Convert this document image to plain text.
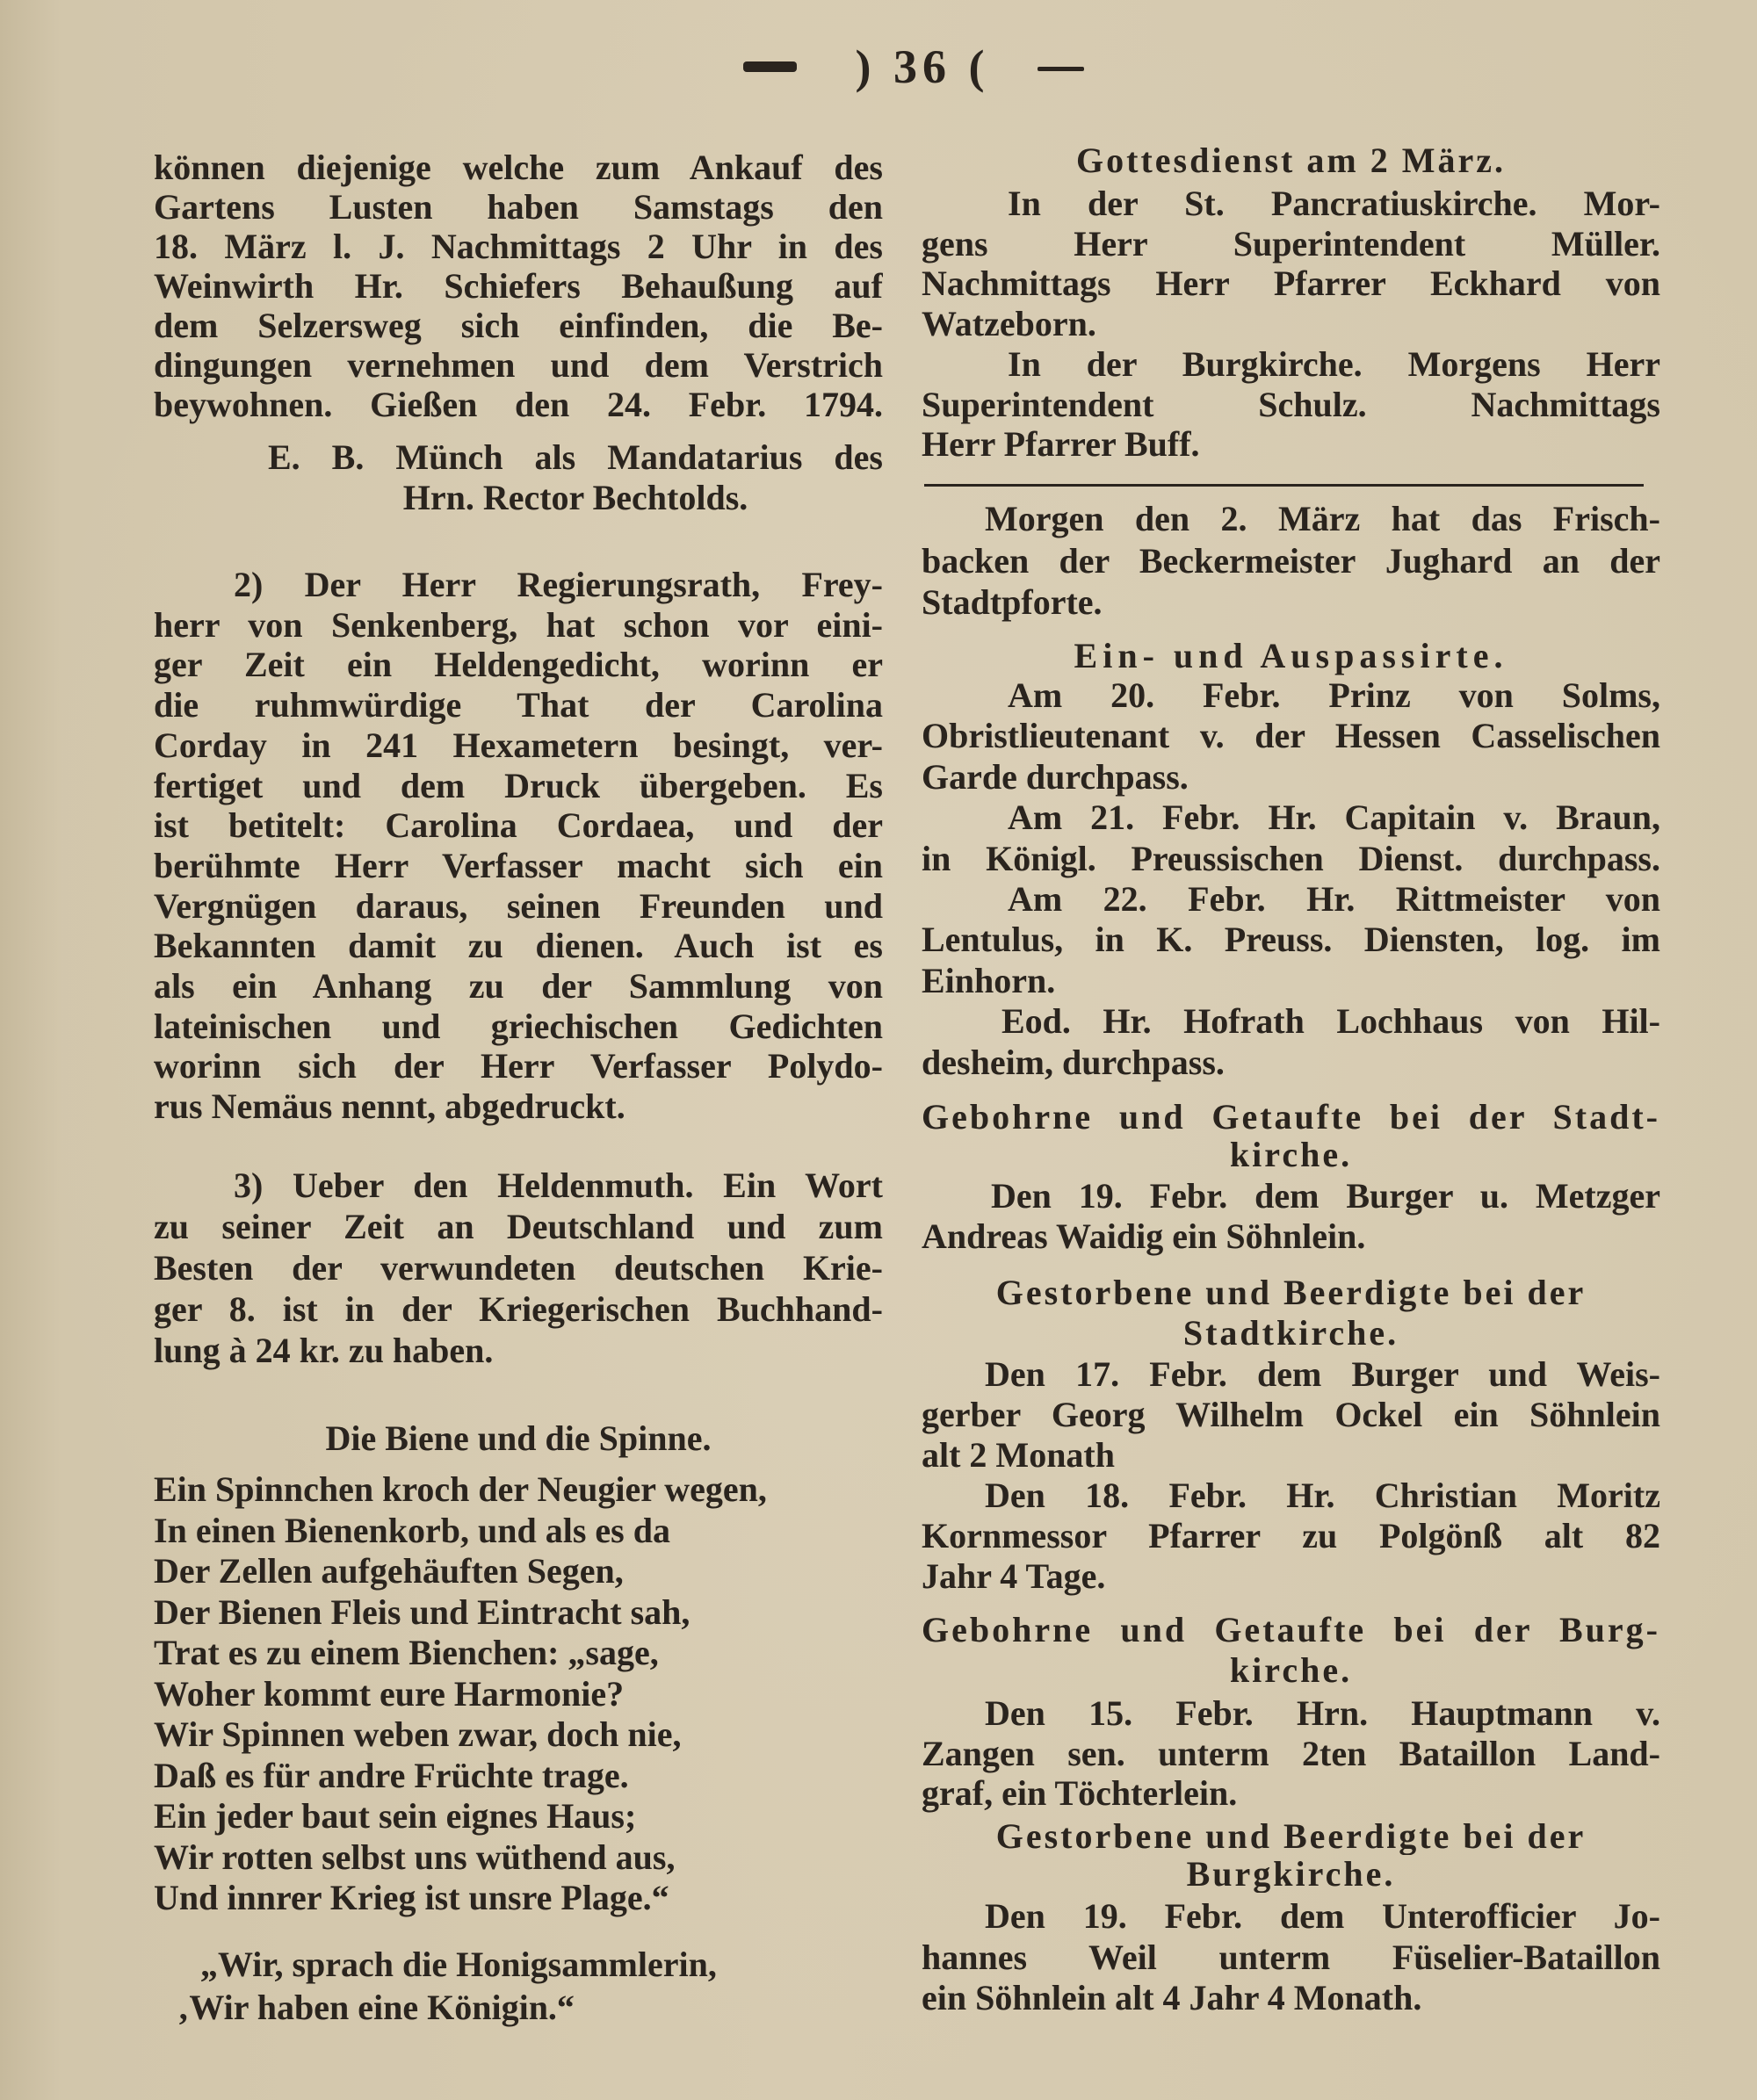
) 36 (
können diejenige welche zum Ankauf des
Gartens Lusten haben Samstags den
18. März l. J. Nachmittags 2 Uhr in des
Weinwirth Hr. Schiefers Behaußung auf
dem Selzersweg sich einfinden, die Be-
dingungen vernehmen und dem Verstrich
beywohnen. Gießen den 24. Febr. 1794.
E. B. Münch als Mandatarius des
Hrn. Rector Bechtolds.
2) Der Herr Regierungsrath, Frey-
herr von Senkenberg, hat schon vor eini-
ger Zeit ein Heldengedicht, worinn er
die ruhmwürdige That der Carolina
Corday in 241 Hexametern besingt, ver-
fertiget und dem Druck übergeben. Es
ist betitelt: Carolina Cordaea, und der
berühmte Herr Verfasser macht sich ein
Vergnügen daraus, seinen Freunden und
Bekannten damit zu dienen. Auch ist es
als ein Anhang zu der Sammlung von
lateinischen und griechischen Gedichten
worinn sich der Herr Verfasser Polydo-
rus Nemäus nennt, abgedruckt.
3) Ueber den Heldenmuth. Ein Wort
zu seiner Zeit an Deutschland und zum
Besten der verwundeten deutschen Krie-
ger 8. ist in der Kriegerischen Buchhand-
lung à 24 kr. zu haben.
Die Biene und die Spinne.
Ein Spinnchen kroch der Neugier wegen,
In einen Bienenkorb, und als es da
Der Zellen aufgehäuften Segen,
Der Bienen Fleis und Eintracht sah,
Trat es zu einem Bienchen: „sage,
Woher kommt eure Harmonie?
Wir Spinnen weben zwar, doch nie,
Daß es für andre Früchte trage.
Ein jeder baut sein eignes Haus;
Wir rotten selbst uns wüthend aus,
Und innrer Krieg ist unsre Plage.“
„Wir, sprach die Honigsammlerin,
‚Wir haben eine Königin.“
Gottesdienst am 2 März.
In der St. Pancratiuskirche. Mor-
gens Herr Superintendent Müller.
Nachmittags Herr Pfarrer Eckhard von
Watzeborn.
In der Burgkirche. Morgens Herr
Superintendent Schulz. Nachmittags
Herr Pfarrer Buff.
Morgen den 2. März hat das Frisch-
backen der Beckermeister Jughard an der
Stadtpforte.
Ein- und Auspassirte.
Am 20. Febr. Prinz von Solms,
Obristlieutenant v. der Hessen Casselischen
Garde durchpass.
Am 21. Febr. Hr. Capitain v. Braun,
in Königl. Preussischen Dienst. durchpass.
Am 22. Febr. Hr. Rittmeister von
Lentulus, in K. Preuss. Diensten, log. im
Einhorn.
Eod. Hr. Hofrath Lochhaus von Hil-
desheim, durchpass.
Gebohrne und Getaufte bei der Stadt-
kirche.
Den 19. Febr. dem Burger u. Metzger
Andreas Waidig ein Söhnlein.
Gestorbene und Beerdigte bei der
Stadtkirche.
Den 17. Febr. dem Burger und Weis-
gerber Georg Wilhelm Ockel ein Söhnlein
alt 2 Monath
Den 18. Febr. Hr. Christian Moritz
Kornmessor Pfarrer zu Polgönß alt 82
Jahr 4 Tage.
Gebohrne und Getaufte bei der Burg-
kirche.
Den 15. Febr. Hrn. Hauptmann v.
Zangen sen. unterm 2ten Bataillon Land-
graf, ein Töchterlein.
Gestorbene und Beerdigte bei der
Burgkirche.
Den 19. Febr. dem Unterofficier Jo-
hannes Weil unterm Füselier-Bataillon
ein Söhnlein alt 4 Jahr 4 Monath.
